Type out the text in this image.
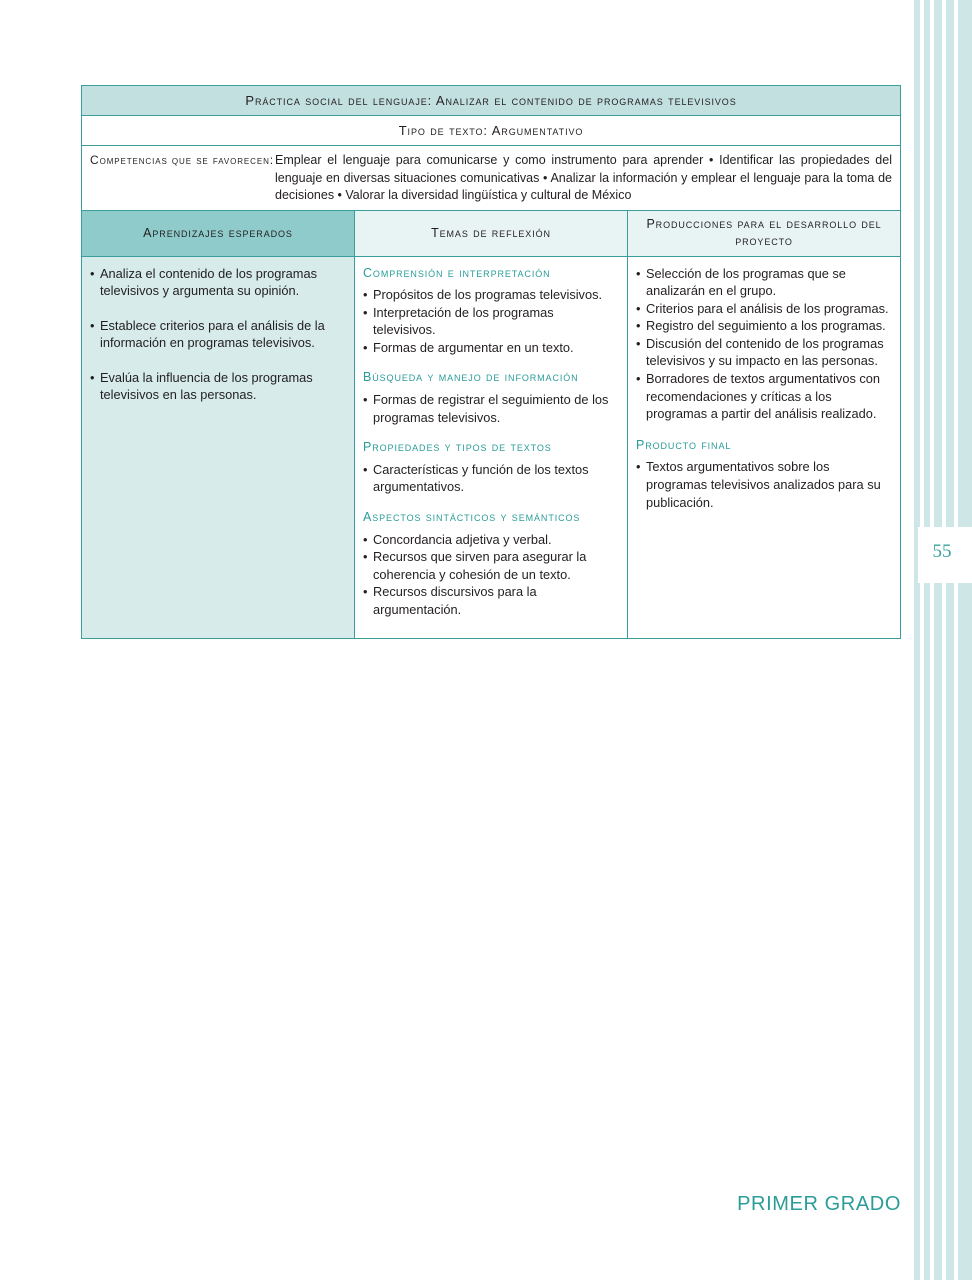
55
Práctica social del lenguaje: Analizar el contenido de programas televisivos
Tipo de texto: Argumentativo
Competencias que se favorecen: Emplear el lenguaje para comunicarse y como instrumento para aprender • Identificar las propiedades del lenguaje en diversas situaciones comunicativas • Analizar la información y emplear el lenguaje para la toma de decisiones • Valorar la diversidad lingüística y cultural de México
Aprendizajes esperados	Temas de reflexión
Producciones para el desarrollo del proyecto
• Analiza el contenido de los programas televisivos y argumenta su opinión.
• Establece criterios para el análisis de la información en programas televisivos.
• Evalúa la influencia de los programas televisivos en las personas.
Comprensión e interpretación
• Propósitos de los programas televisivos.
• Interpretación de los programas televisivos.
• Formas de argumentar en un texto.
Búsqueda y manejo de información
• Formas de registrar el seguimiento de los programas televisivos.
Propiedades y tipos de textos
• Características y función de los textos argumentativos.
Aspectos sintácticos y semánticos
• Concordancia adjetiva y verbal.
• Recursos que sirven para asegurar la coherencia y cohesión de un texto.
• Recursos discursivos para la argumentación.
• Selección de los programas que se analizarán en el grupo.
• Criterios para el análisis de los programas.
• Registro del seguimiento a los programas.
• Discusión del contenido de los programas televisivos y su impacto en las personas.
• Borradores de textos argumentativos con recomendaciones y críticas a los programas a partir del análisis realizado.
Producto final
• Textos argumentativos sobre los programas televisivos analizados para su publicación.
PRIMER GRADO
